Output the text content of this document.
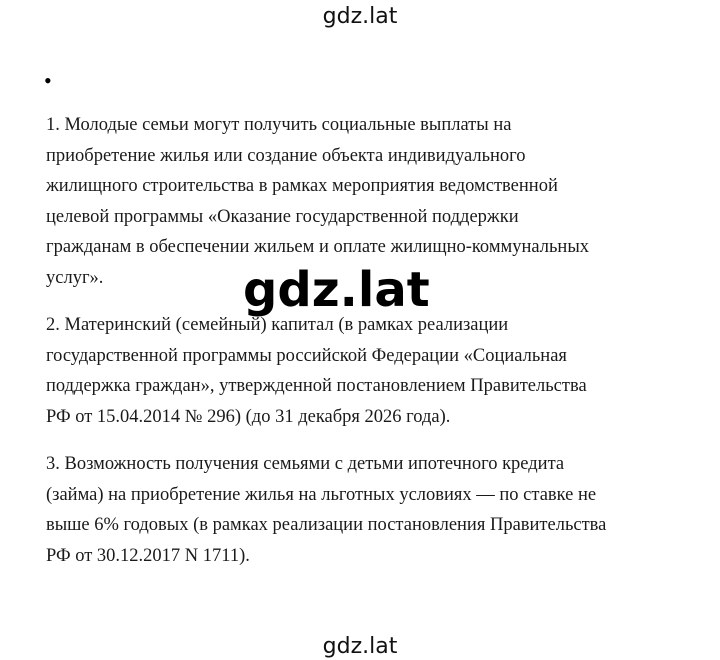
gdz.lat
•

1. Молодые семьи могут получить социальные выплаты на
приобретение жилья или создание объекта индивидуального
жилищного строительства в рамках мероприятия ведомственной
целевой программы «Оказание государственной поддержки
гражданам в обеспечении жильем и оплате жилищно-коммунальных
услуг».

2. Материнский (семейный) капитал (в рамках реализации
государственной программы российской Федерации «Социальная
поддержка граждан», утвержденной постановлением Правительства
РФ от 15.04.2014 № 296) (до 31 декабря 2026 года).

3. Возможность получения семьями с детьми ипотечного кредита
(займа) на приобретение жилья на льготных условиях — по ставке не
выше 6% годовых (в рамках реализации постановления Правительства
РФ от 30.12.2017 N 1711).

gdz.lat
gdz.lat
